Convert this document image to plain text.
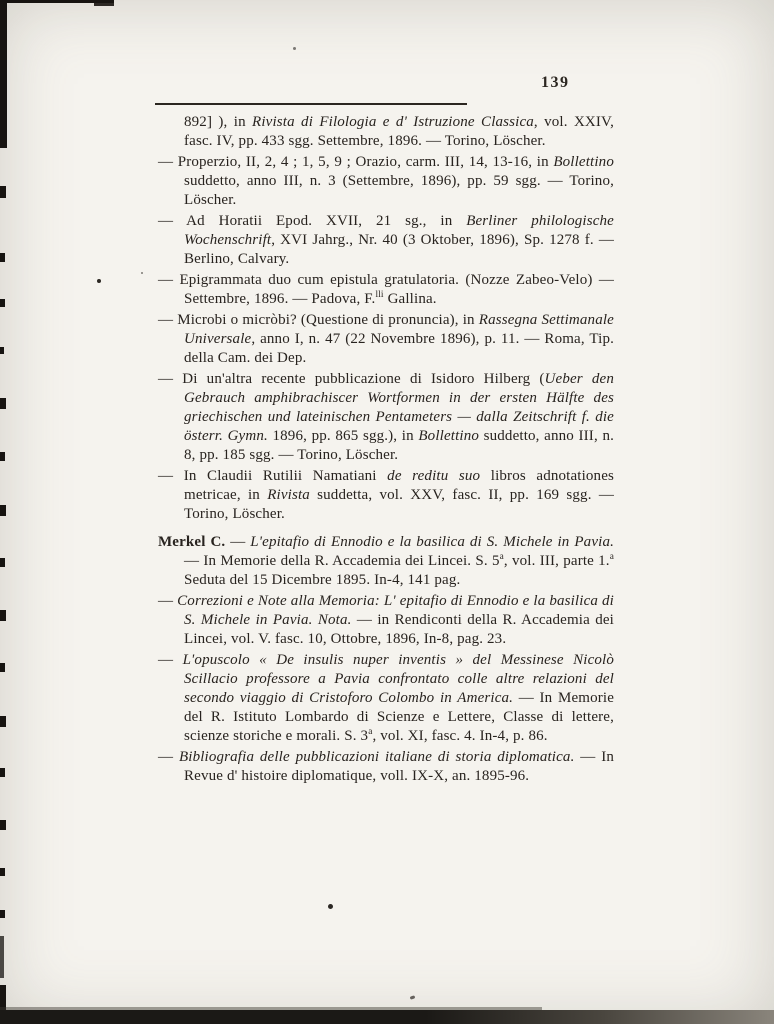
139

892] ), in Rivista di Filologia e d' Istruzione Classica, vol. XXIV, fasc. IV, pp. 433 sgg. Settembre, 1896. — Torino, Löscher.

— Properzio, II, 2, 4 ; 1, 5, 9 ; Orazio, carm. III, 14, 13-16, in Bollettino suddetto, anno III, n. 3 (Settembre, 1896), pp. 59 sgg. — Torino, Löscher.

— Ad Horatii Epod. XVII, 21 sg., in Berliner philologische Wochenschrift, XVI Jahrg., Nr. 40 (3 Oktober, 1896), Sp. 1278 f. — Berlino, Calvary.

— Epigrammata duo cum epistula gratulatoria. (Nozze Zabeo-Velo) — Settembre, 1896. — Padova, F.$^{lli}$ Gallina.

— Microbi o micròbi? (Questione di pronuncia), in Rassegna Settimanale Universale, anno I, n. 47 (22 Novembre 1896), p. 11. — Roma, Tip. della Cam. dei Dep.

— Di un'altra recente pubblicazione di Isidoro Hilberg (Ueber den Gebrauch amphibrachiscer Wortformen in der ersten Hälfte des griechischen und lateinischen Pentameters — dalla Zeitschrift f. die österr. Gymn. 1896, pp. 865 sgg.), in Bollettino suddetto, anno III, n. 8, pp. 185 sgg. — Torino, Löscher.

— In Claudii Rutilii Namatiani de reditu suo libros adnotationes metricae, in Rivista suddetta, vol. XXV, fasc. II, pp. 169 sgg. — Torino, Löscher.

Merkel C. — L'epitafio di Ennodio e la basilica di S. Michele in Pavia. — In Memorie della R. Accademia dei Lincei. S. 5$^a$, vol. III, parte 1.$^a$ Seduta del 15 Dicembre 1895. In-4, 141 pag.

— Correzioni e Note alla Memoria: L' epitafio di Ennodio e la basilica di S. Michele in Pavia. Nota. — in Rendiconti della R. Accademia dei Lincei, vol. V. fasc. 10, Ottobre, 1896, In-8, pag. 23.

— L'opuscolo « De insulis nuper inventis » del Messinese Nicolò Scillacio professore a Pavia confrontato colle altre relazioni del secondo viaggio di Cristoforo Colombo in America. — In Memorie del R. Istituto Lombardo di Scienze e Lettere, Classe di lettere, scienze storiche e morali. S. 3$^a$, vol. XI, fasc. 4. In-4, p. 86.

— Bibliografia delle pubblicazioni italiane di storia diplomatica. — In Revue d' histoire diplomatique, voll. IX-X, an. 1895-96.
